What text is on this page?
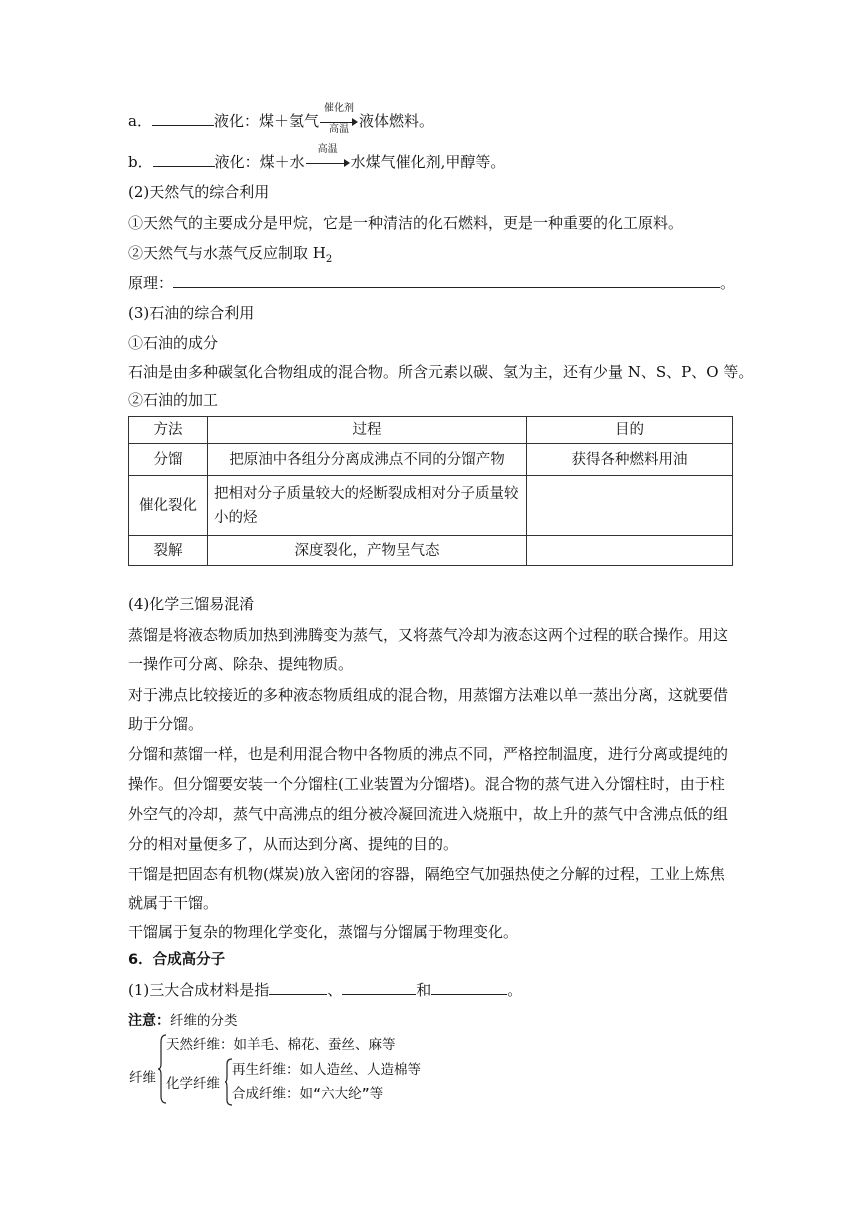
a．	液化：煤＋氢气
催化剂
高温 液体燃料。
b．	液化：煤＋水
高温
水煤气催化剂,甲醇等。
(2)天然气的综合利用
①天然气的主要成分是甲烷，它是一种清洁的化石燃料，更是一种重要的化工原料。
②天然气与水蒸气反应制取 $H_2$
原理：	。
(3)石油的综合利用
①石油的成分
石油是由多种碳氢化合物组成的混合物。所含元素以碳、氢为主，还有少量 N、S、P、O 等。
②石油的加工
方法	过程	目的
分馏	把原油中各组分分离成沸点不同的分馏产物	获得各种燃料用油
催化裂化	把相对分子质量较大的烃断裂成相对分子质量较小的烃	
裂解	深度裂化，产物呈气态	
(4)化学三馏易混淆
蒸馏是将液态物质加热到沸腾变为蒸气，又将蒸气冷却为液态这两个过程的联合操作。用这
一操作可分离、除杂、提纯物质。
对于沸点比较接近的多种液态物质组成的混合物，用蒸馏方法难以单一蒸出分离，这就要借
助于分馏。
分馏和蒸馏一样，也是利用混合物中各物质的沸点不同，严格控制温度，进行分离或提纯的
操作。但分馏要安装一个分馏柱(工业装置为分馏塔)。混合物的蒸气进入分馏柱时，由于柱
外空气的冷却，蒸气中高沸点的组分被冷凝回流进入烧瓶中，故上升的蒸气中含沸点低的组
分的相对量便多了，从而达到分离、提纯的目的。
干馏是把固态有机物(煤炭)放入密闭的容器，隔绝空气加强热使之分解的过程，工业上炼焦
就属于干馏。
干馏属于复杂的物理化学变化，蒸馏与分馏属于物理变化。
6．合成高分子
(1)三大合成材料是指	、	和	。
注意：纤维的分类
纤维
天然纤维：如羊毛、棉花、蚕丝、麻等
化学纤维
再生纤维：如人造丝、人造棉等
合成纤维：如“六大纶”等
